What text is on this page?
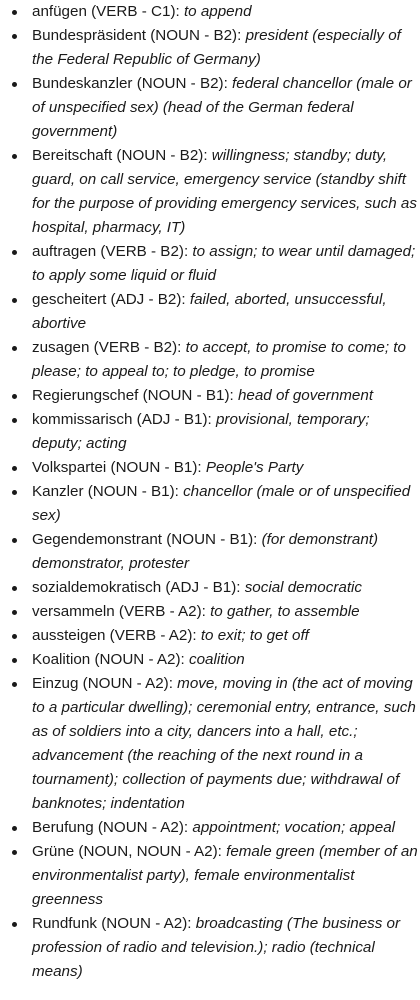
anfügen (VERB - C1): to append
Bundespräsident (NOUN - B2): president (especially of the Federal Republic of Germany)
Bundeskanzler (NOUN - B2): federal chancellor (male or of unspecified sex) (head of the German federal government)
Bereitschaft (NOUN - B2): willingness; standby; duty, guard, on call service, emergency service (standby shift for the purpose of providing emergency services, such as hospital, pharmacy, IT)
auftragen (VERB - B2): to assign; to wear until damaged; to apply some liquid or fluid
gescheitert (ADJ - B2): failed, aborted, unsuccessful, abortive
zusagen (VERB - B2): to accept, to promise to come; to please; to appeal to; to pledge, to promise
Regierungschef (NOUN - B1): head of government
kommissarisch (ADJ - B1): provisional, temporary; deputy; acting
Volkspartei (NOUN - B1): People's Party
Kanzler (NOUN - B1): chancellor (male or of unspecified sex)
Gegendemonstrant (NOUN - B1): (for demonstrant) demonstrator, protester
sozialdemokratisch (ADJ - B1): social democratic
versammeln (VERB - A2): to gather, to assemble
aussteigen (VERB - A2): to exit; to get off
Koalition (NOUN - A2): coalition
Einzug (NOUN - A2): move, moving in (the act of moving to a particular dwelling); ceremonial entry, entrance, such as of soldiers into a city, dancers into a hall, etc.; advancement (the reaching of the next round in a tournament); collection of payments due; withdrawal of banknotes; indentation
Berufung (NOUN - A2): appointment; vocation; appeal
Grüne (NOUN, NOUN - A2): female green (member of an environmentalist party), female environmentalist greenness
Rundfunk (NOUN - A2): broadcasting (The business or profession of radio and television.); radio (technical means)
